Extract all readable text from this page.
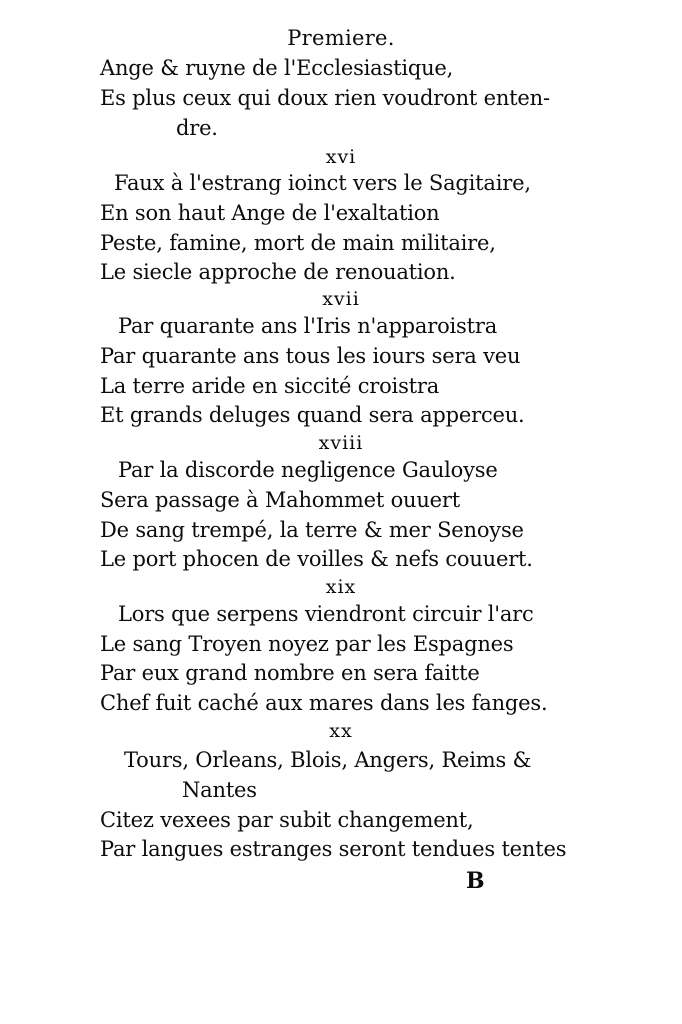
Premiere.
Ange & ruyne de l'Ecclesiastique,
Es plus ceux qui doux rien voudront enten-
dre.
xvi
Faux à l'estrang ioinct vers le Sagitaire,
En son haut Ange de l'exaltation
Peste, famine, mort de main militaire,
Le siecle approche de renouation.
xvii
Par quarante ans l'Iris n'apparoistra
Par quarante ans tous les iours sera veu
La terre aride en siccité croistra
Et grands deluges quand sera apperceu.
xviii
Par la discorde negligence Gauloyse
Sera passage à Mahommet ouuert
De sang trempé, la terre & mer Senoyse
Le port phocen de voilles & nefs couuert.
xix
Lors que serpens viendront circuir l'arc
Le sang Troyen noyez par les Espagnes
Par eux grand nombre en sera faitte
Chef fuit caché aux mares dans les fanges.
xx
Tours, Orleans, Blois, Angers, Reims &
Nantes
Citez vexees par subit changement,
Par langues estranges seront tendues tentes
B
